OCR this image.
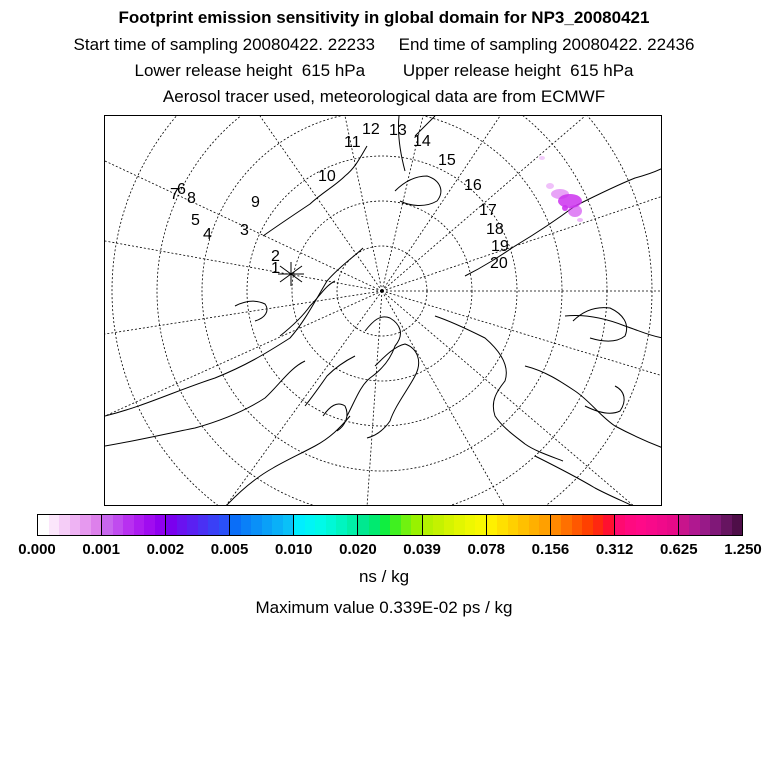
Footprint emission sensitivity in global domain for NP3_20080421
Start time of sampling 20080422. 22233     End time of sampling 20080422. 22436
Lower release height  615 hPa        Upper release height  615 hPa
Aerosol tracer used, meteorological data are from ECMWF
1
2
3
4
5
6
7 8	9
10
11
12 13
14
15
16
17
18
19
20
0.000 0.001 0.002 0.005 0.010 0.020 0.039 0.078 0.156 0.312 0.625 1.250
ns / kg
Maximum value 0.339E-02 ps / kg
